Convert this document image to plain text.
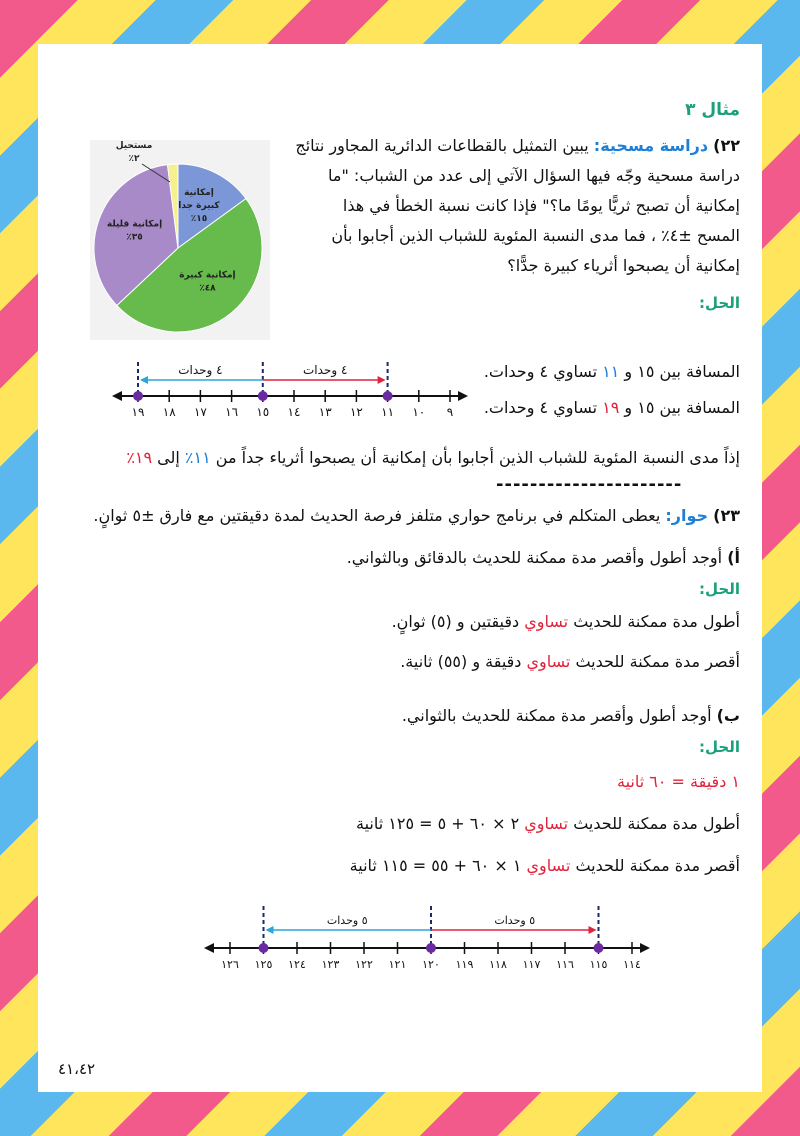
مثال ٣
إمكانية
كبيرة جدا
١٥٪
إمكانية كبيرة
٤٨٪
إمكانية قليلة
٣٥٪
مستحيل
٢٪
٢٢) دراسة مسحية: يبين التمثيل بالقطاعات الدائرية المجاور نتائج
دراسة مسحية وجّه فيها السؤال الآتي إلى عدد من الشباب: "ما
إمكانية أن تصبح ثريًّا يومًا ما؟" فإذا كانت نسبة الخطأ في هذا
المسح ±٤٪ ، فما مدى النسبة المئوية للشباب الذين أجابوا بأن
إمكانية أن يصبحوا أثرياء كبيرة جدًّا؟
الحل:
٩
١٠
١١
١٢
١٣
١٤
١٥
١٦
١٧
١٨
١٩
٤ وحدات	٤ وحدات	المسافة بين ١٥ و ١١ تساوي ٤ وحدات.
المسافة بين ١٥ و ١٩ تساوي ٤ وحدات.
إذاً مدى النسبة المئوية للشباب الذين أجابوا بأن إمكانية أن يصبحوا أثرياء جداً من ١١٪ إلى ١٩٪
----------------------
٢٣) حوار: يعطى المتكلم في برنامج حواري متلفز فرصة الحديث لمدة دقيقتين مع فارق ±٥ ثوانٍ.
أ) أوجد أطول وأقصر مدة ممكنة للحديث بالدقائق وبالثواني.
الحل:
أطول مدة ممكنة للحديث تساوي دقيقتين و (٥) ثوانٍ.
أقصر مدة ممكنة للحديث تساوي دقيقة و (٥٥) ثانية.
ب) أوجد أطول وأقصر مدة ممكنة للحديث بالثواني.
الحل:
١ دقيقة = ٦٠ ثانية
أطول مدة ممكنة للحديث تساوي ٢ × ٦٠ + ٥ = ١٢٥ ثانية
أقصر مدة ممكنة للحديث تساوي ١ × ٦٠ + ٥٥ = ١١٥ ثانية
١١٤
١١٥
١١٦
١١٧
١١٨
١١٩
١٢٠
١٢١
١٢٢
١٢٣
١٢٤
١٢٥
١٢٦
٥ وحدات	٥ وحدات
٤١،٤٢
